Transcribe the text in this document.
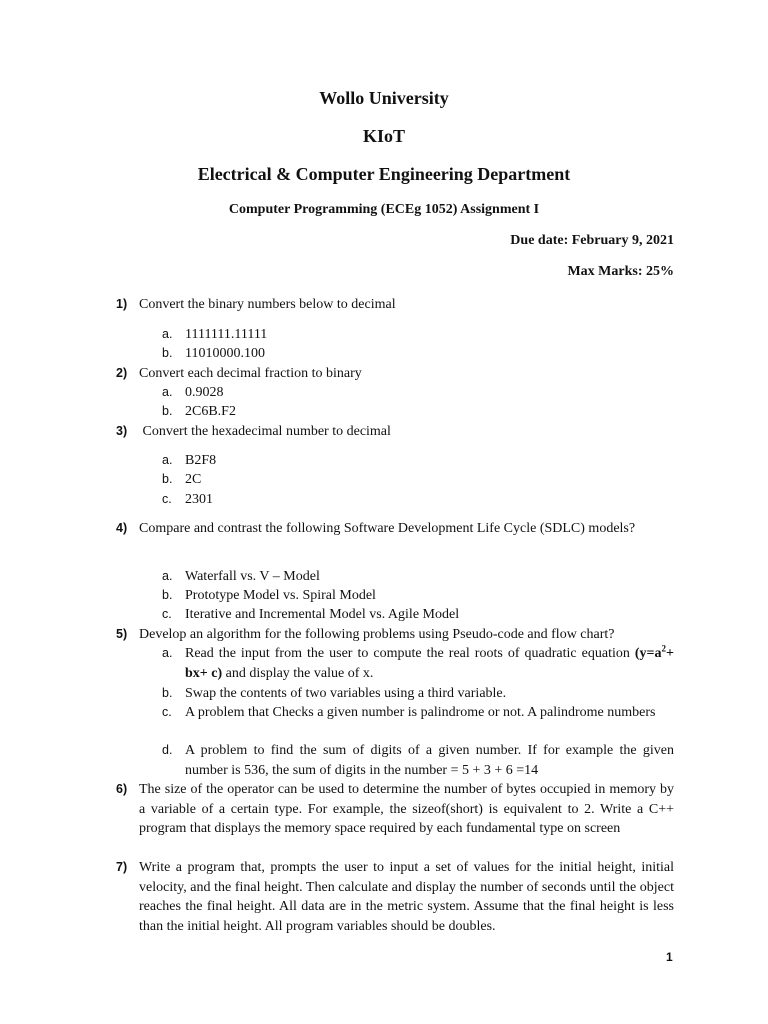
Wollo University
KIoT
Electrical & Computer Engineering Department
Computer Programming (ECEg 1052) Assignment I
Due date: February 9, 2021
Max Marks: 25%
1) Convert the binary numbers below to decimal
a. 1111111.11111
b. 11010000.100
2) Convert each decimal fraction to binary
a. 0.9028
b. 2C6B.F2
3) Convert the hexadecimal number to decimal
a. B2F8
b. 2C
c. 2301
4) Compare and contrast the following Software Development Life Cycle (SDLC) models?
a. Waterfall vs. V – Model
b. Prototype Model vs. Spiral Model
c. Iterative and Incremental Model vs. Agile Model
5) Develop an algorithm for the following problems using Pseudo-code and flow chart?
a. Read the input from the user to compute the real roots of quadratic equation $(y=a^2+ bx+ c)$ and display the value of x.
b. Swap the contents of two variables using a third variable.
c. A problem that Checks a given number is palindrome or not. A palindrome numbers
d. A problem to find the sum of digits of a given number. If for example the given number is 536, the sum of digits in the number = 5 + 3 + 6 =14
6) The size of the operator can be used to determine the number of bytes occupied in memory by a variable of a certain type. For example, the sizeof(short) is equivalent to 2. Write a C++ program that displays the memory space required by each fundamental type on screen
7) Write a program that, prompts the user to input a set of values for the initial height, initial velocity, and the final height. Then calculate and display the number of seconds until the object reaches the final height. All data are in the metric system. Assume that the final height is less than the initial height. All program variables should be doubles.
1
